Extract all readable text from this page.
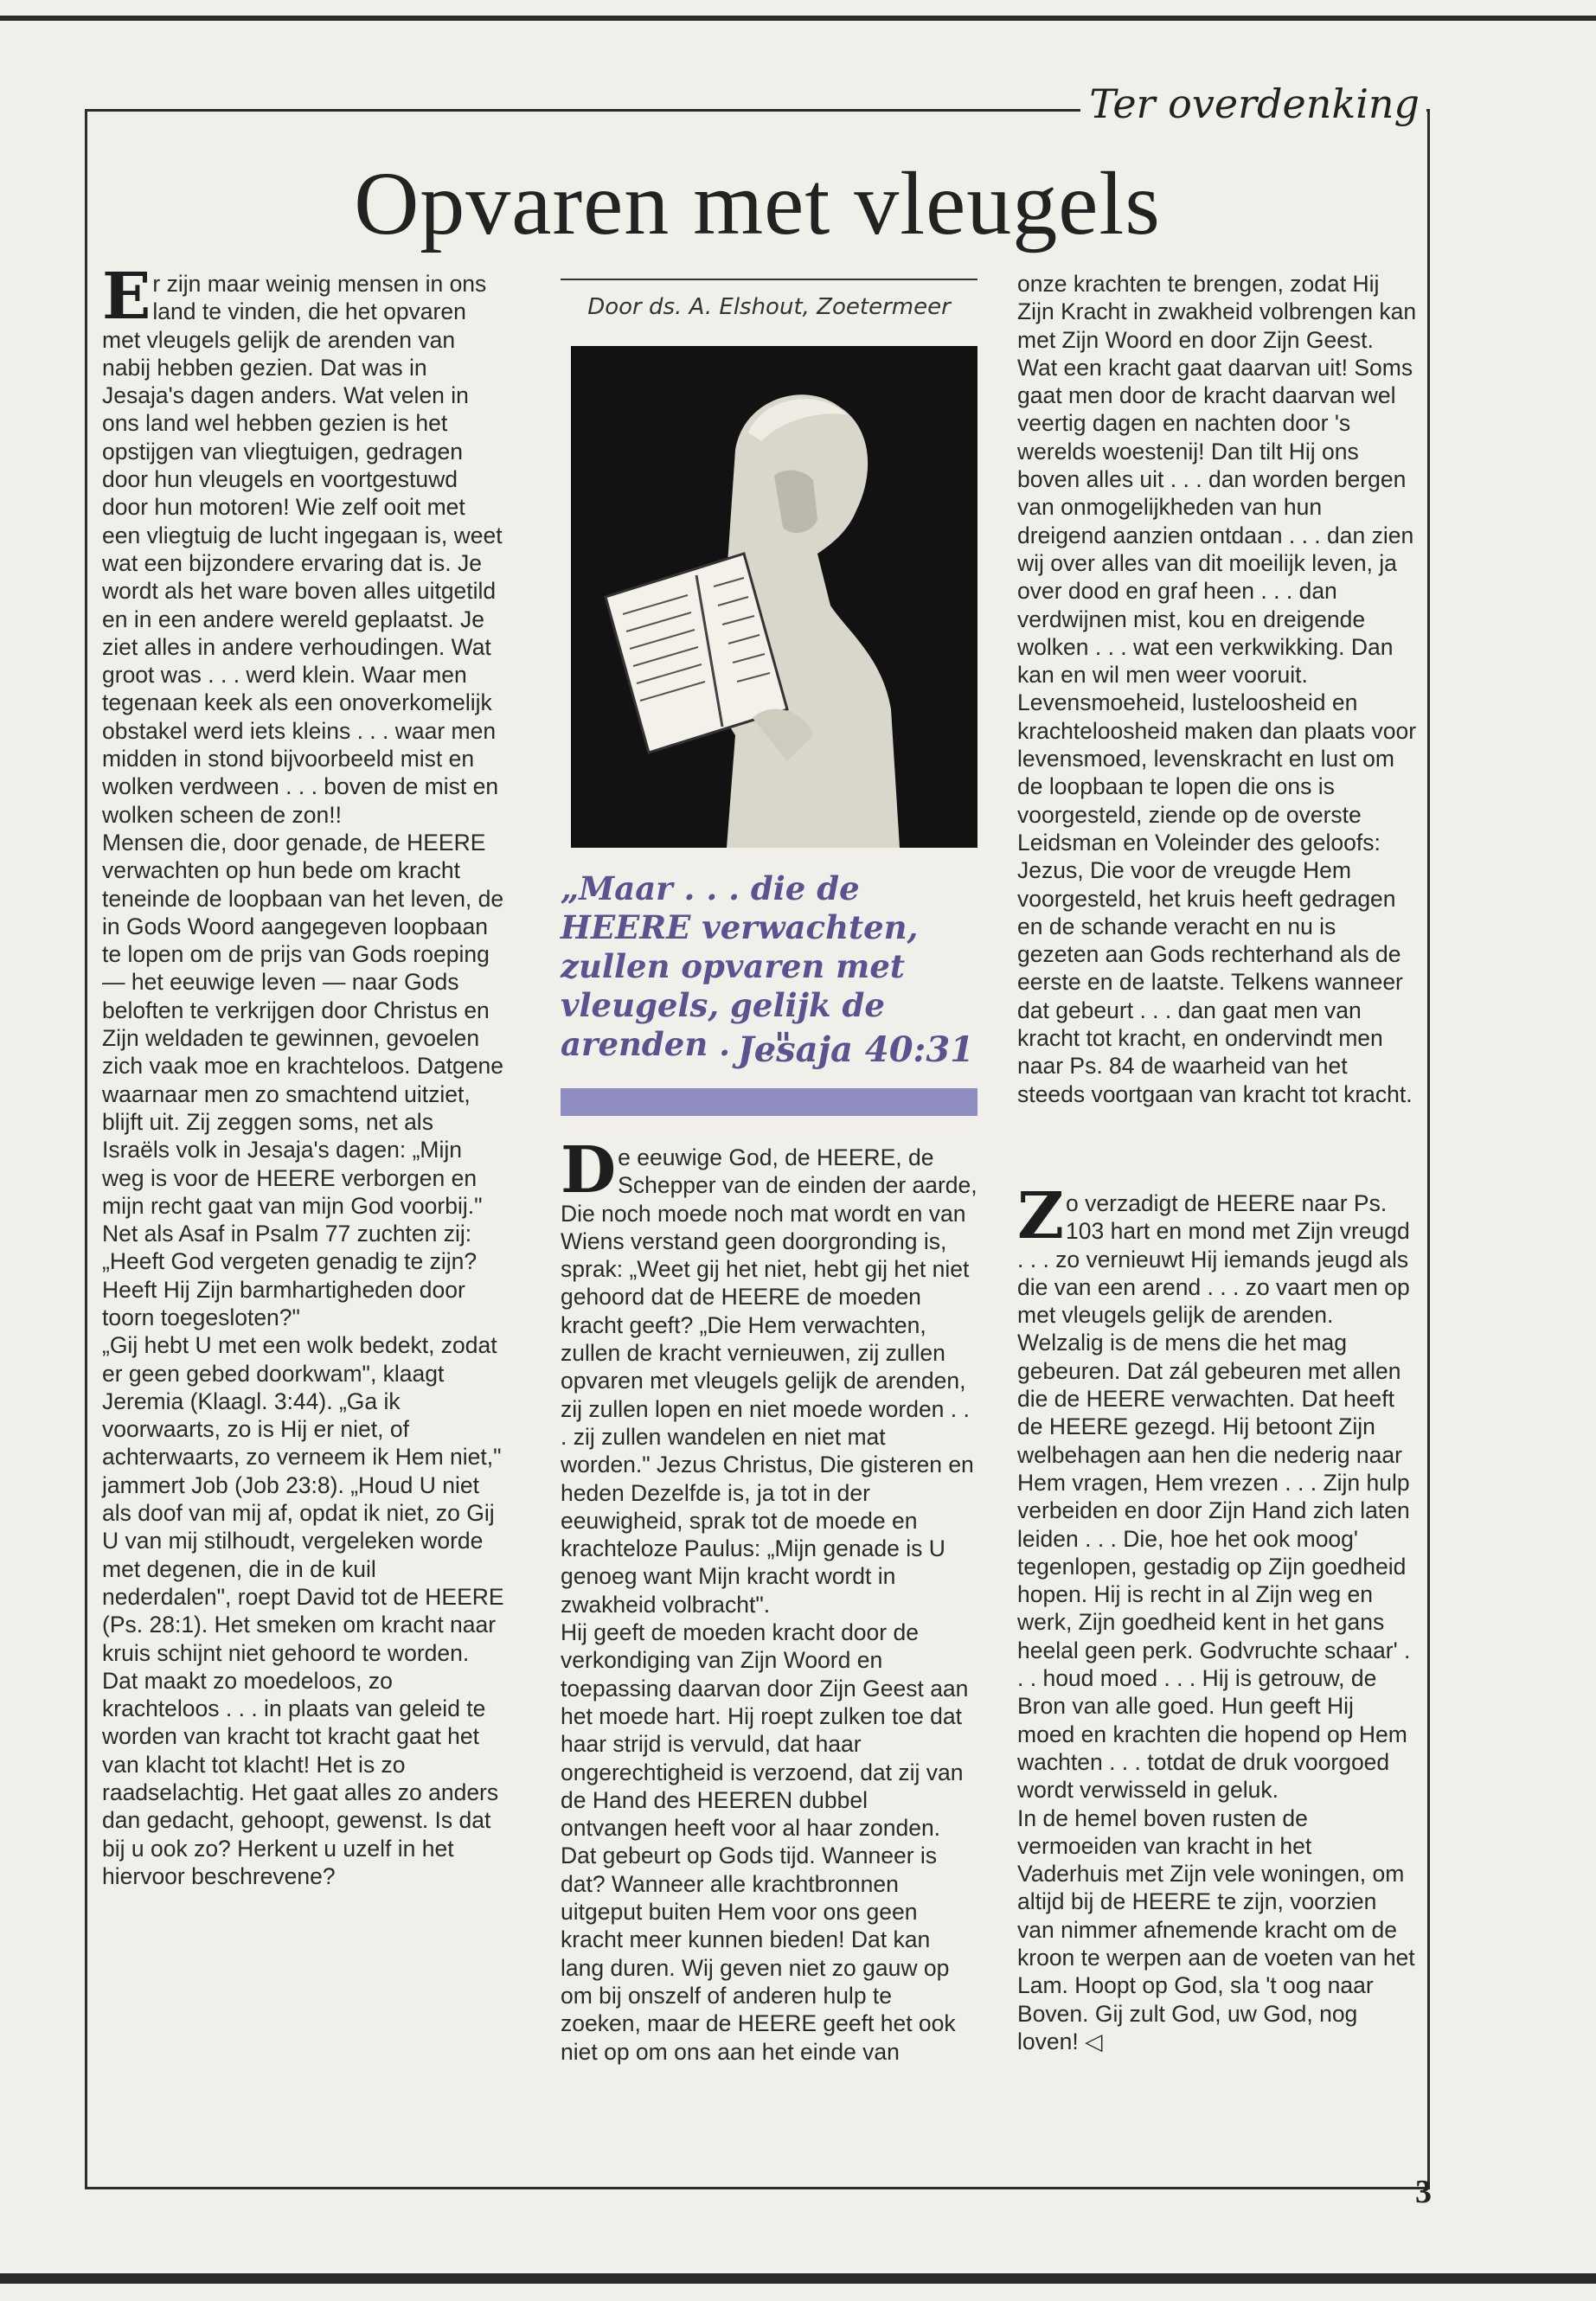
Ter overdenking
Opvaren met vleugels
E r zijn maar weinig mensen in ons land te vinden, die het opvaren met vleugels gelijk de arenden van nabij hebben gezien. Dat was in Jesaja's dagen anders. Wat velen in ons land wel hebben gezien is het opstijgen van vliegtuigen, gedragen door hun vleugels en voortgestuwd door hun motoren! Wie zelf ooit met een vliegtuig de lucht ingegaan is, weet wat een bijzondere ervaring dat is. Je wordt als het ware boven alles uitgetild en in een andere wereld geplaatst. Je ziet alles in andere verhoudingen. Wat groot was . . . werd klein. Waar men tegenaan keek als een onoverkomelijk obstakel werd iets kleins . . . waar men midden in stond bijvoorbeeld mist en wolken verdween . . . boven de mist en wolken scheen de zon!!

Mensen die, door genade, de HEERE verwachten op hun bede om kracht teneinde de loopbaan van het leven, de in Gods Woord aangegeven loopbaan te lopen om de prijs van Gods roeping — het eeuwige leven — naar Gods beloften te verkrijgen door Christus en Zijn weldaden te gewinnen, gevoelen zich vaak moe en krachteloos. Datgene waarnaar men zo smachtend uitziet, blijft uit. Zij zeggen soms, net als Israëls volk in Jesaja's dagen: „Mijn weg is voor de HEERE verborgen en mijn recht gaat van mijn God voorbij." Net als Asaf in Psalm 77 zuchten zij: „Heeft God vergeten genadig te zijn? Heeft Hij Zijn barmhartigheden door toorn toegesloten?"

„Gij hebt U met een wolk bedekt, zodat er geen gebed doorkwam", klaagt Jeremia (Klaagl. 3:44). „Ga ik voorwaarts, zo is Hij er niet, of achterwaarts, zo verneem ik Hem niet," jammert Job (Job 23:8). „Houd U niet als doof van mij af, opdat ik niet, zo Gij U van mij stilhoudt, vergeleken worde met degenen, die in de kuil nederdalen", roept David tot de HEERE (Ps. 28:1). Het smeken om kracht naar kruis schijnt niet gehoord te worden. Dat maakt zo moedeloos, zo krachteloos . . . in plaats van geleid te worden van kracht tot kracht gaat het van klacht tot klacht! Het is zo raadselachtig. Het gaat alles zo anders dan gedacht, gehoopt, gewenst. Is dat bij u ook zo? Herkent u uzelf in het hiervoor beschrevene?

Door ds. A. Elshout, Zoetermeer
„Maar . . . die de HEERE verwachten, zullen opvaren met vleugels, gelijk de arenden . . ."
Jesaja 40:31
D e eeuwige God, de HEERE, de Schepper van de einden der aarde, Die noch moede noch mat wordt en van Wiens verstand geen doorgronding is, sprak: „Weet gij het niet, hebt gij het niet gehoord dat de HEERE de moeden kracht geeft? „Die Hem verwachten, zullen de kracht vernieuwen, zij zullen opvaren met vleugels gelijk de arenden, zij zullen lopen en niet moede worden . . . zij zullen wandelen en niet mat worden." Jezus Christus, Die gisteren en heden Dezelfde is, ja tot in der eeuwigheid, sprak tot de moede en krachteloze Paulus: „Mijn genade is U genoeg want Mijn kracht wordt in zwakheid volbracht".

Hij geeft de moeden kracht door de verkondiging van Zijn Woord en toepassing daarvan door Zijn Geest aan het moede hart. Hij roept zulken toe dat haar strijd is vervuld, dat haar ongerechtigheid is verzoend, dat zij van de Hand des HEEREN dubbel ontvangen heeft voor al haar zonden. Dat gebeurt op Gods tijd. Wanneer is dat? Wanneer alle krachtbronnen uitgeput buiten Hem voor ons geen kracht meer kunnen bieden! Dat kan lang duren. Wij geven niet zo gauw op om bij onszelf of anderen hulp te zoeken, maar de HEERE geeft het ook niet op om ons aan het einde van

onze krachten te brengen, zodat Hij Zijn Kracht in zwakheid volbrengen kan met Zijn Woord en door Zijn Geest. Wat een kracht gaat daarvan uit! Soms gaat men door de kracht daarvan wel veertig dagen en nachten door 's werelds woestenij! Dan tilt Hij ons boven alles uit . . . dan worden bergen van onmogelijkheden van hun dreigend aanzien ontdaan . . . dan zien wij over alles van dit moeilijk leven, ja over dood en graf heen . . . dan verdwijnen mist, kou en dreigende wolken . . . wat een verkwikking. Dan kan en wil men weer vooruit. Levensmoeheid, lusteloosheid en krachteloosheid maken dan plaats voor levensmoed, levenskracht en lust om de loopbaan te lopen die ons is voorgesteld, ziende op de overste Leidsman en Voleinder des geloofs: Jezus, Die voor de vreugde Hem voorgesteld, het kruis heeft gedragen en de schande veracht en nu is gezeten aan Gods rechterhand als de eerste en de laatste. Telkens wanneer dat gebeurt . . . dan gaat men van kracht tot kracht, en ondervindt men naar Ps. 84 de waarheid van het steeds voortgaan van kracht tot kracht.

Z o verzadigt de HEERE naar Ps. 103 hart en mond met Zijn vreugd . . . zo vernieuwt Hij iemands jeugd als die van een arend . . . zo vaart men op met vleugels gelijk de arenden. Welzalig is de mens die het mag gebeuren. Dat zál gebeuren met allen die de HEERE verwachten. Dat heeft de HEERE gezegd. Hij betoont Zijn welbehagen aan hen die nederig naar Hem vragen, Hem vrezen . . . Zijn hulp verbeiden en door Zijn Hand zich laten leiden . . . Die, hoe het ook moog' tegenlopen, gestadig op Zijn goedheid hopen. Hij is recht in al Zijn weg en werk, Zijn goedheid kent in het gans heelal geen perk. Godvruchte schaar' . . . houd moed . . . Hij is getrouw, de Bron van alle goed. Hun geeft Hij moed en krachten die hopend op Hem wachten . . . totdat de druk voorgoed wordt verwisseld in geluk.

In de hemel boven rusten de vermoeiden van kracht in het Vaderhuis met Zijn vele woningen, om altijd bij de HEERE te zijn, voorzien van nimmer afnemende kracht om de kroon te werpen aan de voeten van het Lam. Hoopt op God, sla 't oog naar Boven. Gij zult God, uw God, nog loven! ◁

3
